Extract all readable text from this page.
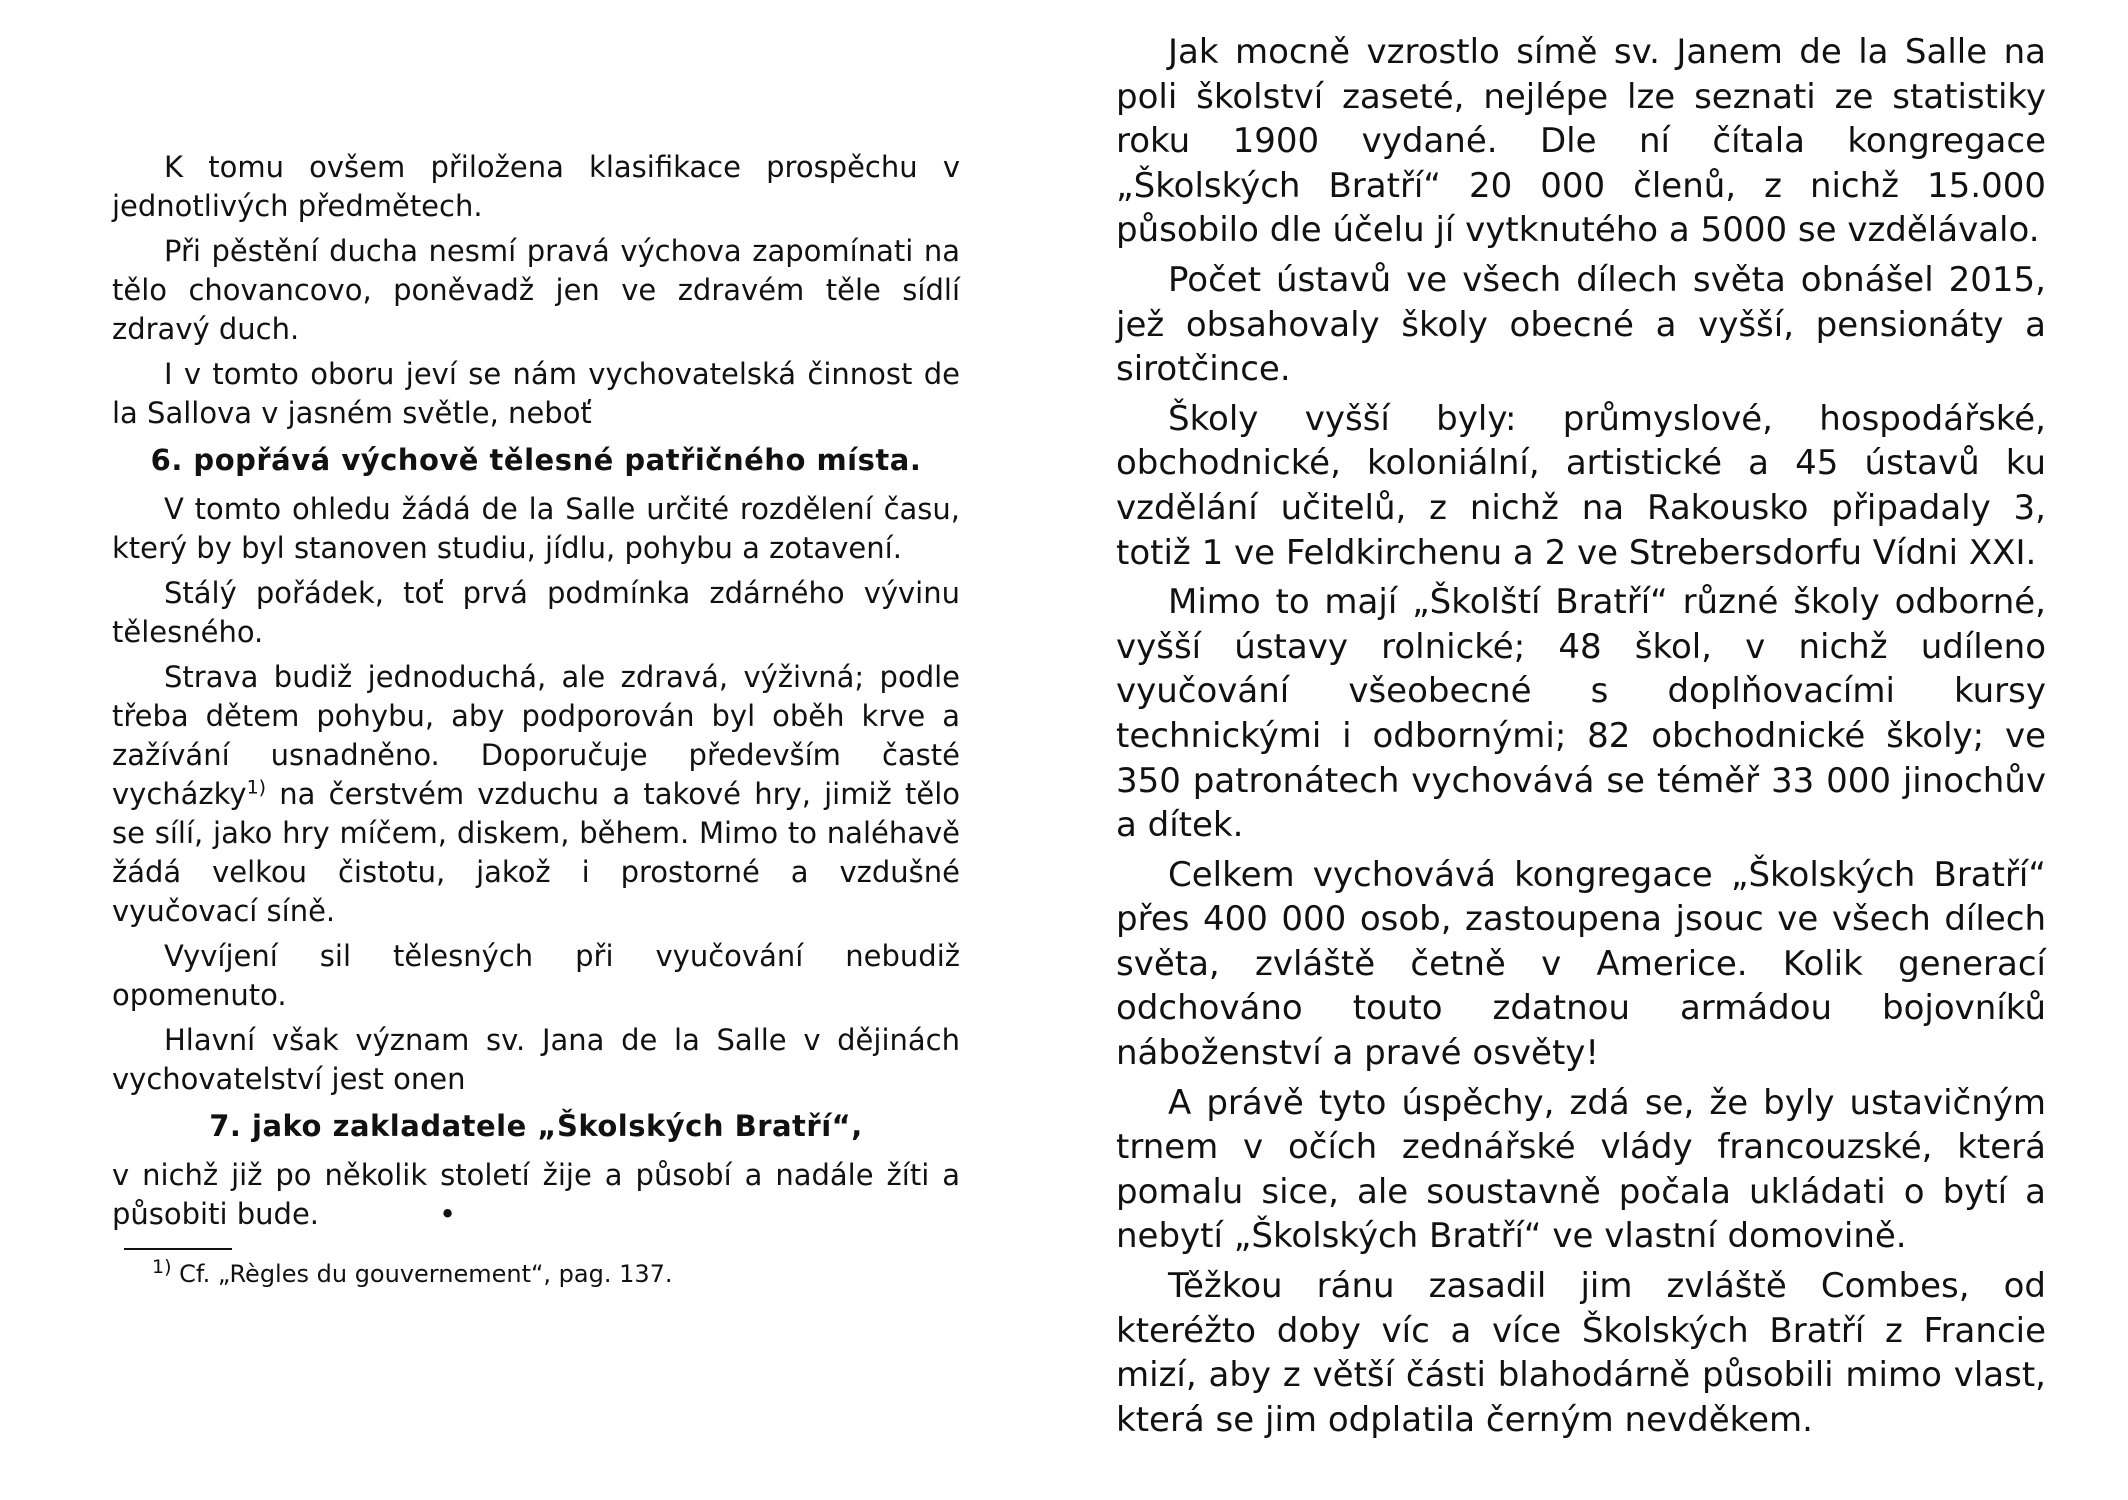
K tomu ovšem přiložena klasifikace prospěchu v jednotlivých předmětech.

Při pěstění ducha nesmí pravá výchova zapomínati na tělo chovancovo, poněvadž jen ve zdravém těle sídlí zdravý duch.

I v tomto oboru jeví se nám vychovatelská činnost de la Sallova v jasném světle, neboť

6. popřává výchově tělesné patřičného místa.

V tomto ohledu žádá de la Salle určité rozdělení času, který by byl stanoven studiu, jídlu, pohybu a zotavení.

Stálý pořádek, toť prvá podmínka zdárného vývinu tělesného.

Strava budiž jednoduchá, ale zdravá, výživná; podle třeba dětem pohybu, aby podporován byl oběh krve a zažívání usnadněno. Doporučuje především časté vycházky$^{1)}$ na čerstvém vzduchu a takové hry, jimiž tělo se sílí, jako hry míčem, diskem, během. Mimo to naléhavě žádá velkou čistotu, jakož i prostorné a vzdušné vyučovací síně.

Vyvíjení sil tělesných při vyučování nebudiž opomenuto.

Hlavní však význam sv. Jana de la Salle v dějinách vychovatelství jest onen

7. jako zakladatele „Školských Bratří“,

v nichž již po několik století žije a působí a nadále žíti a působiti bude.	•

$^{1)}$ Cf. „Règles du gouvernement“, pag. 137.

Jak mocně vzrostlo símě sv. Janem de la Salle na poli školství zaseté, nejlépe lze seznati ze statistiky roku 1900 vydané. Dle ní čítala kongregace „Školských Bratří“ 20 000 členů, z nichž 15.000 působilo dle účelu jí vytknutého a 5000 se vzdělávalo.

Počet ústavů ve všech dílech světa obnášel 2015, jež obsahovaly školy obecné a vyšší, pensionáty a sirotčince.

Školy vyšší byly: průmyslové, hospodářské, obchodnické, koloniální, artistické a 45 ústavů ku vzdělání učitelů, z nichž na Rakousko připadaly 3, totiž 1 ve Feldkirchenu a 2 ve Strebersdorfu Vídni XXI.

Mimo to mají „Školští Bratří“ různé školy odborné, vyšší ústavy rolnické; 48 škol, v nichž udíleno vyučování všeobecné s doplňovacími kursy technickými i odbornými; 82 obchodnické školy; ve 350 patronátech vychovává se téměř 33 000 jinochův a dítek.

Celkem vychovává kongregace „Školských Bratří“ přes 400 000 osob, zastoupena jsouc ve všech dílech světa, zvláště četně v Americe. Kolik generací odchováno touto zdatnou armádou bojovníků náboženství a pravé osvěty!

A právě tyto úspěchy, zdá se, že byly ustavičným trnem v očích zednářské vlády francouzské, která pomalu sice, ale soustavně počala ukládati o bytí a nebytí „Školských Bratří“ ve vlastní domovině.

Těžkou ránu zasadil jim zvláště Combes, od kteréžto doby víc a více Školských Bratří z Francie mizí, aby z větší části blahodárně působili mimo vlast, která se jim odplatila černým nevděkem.
